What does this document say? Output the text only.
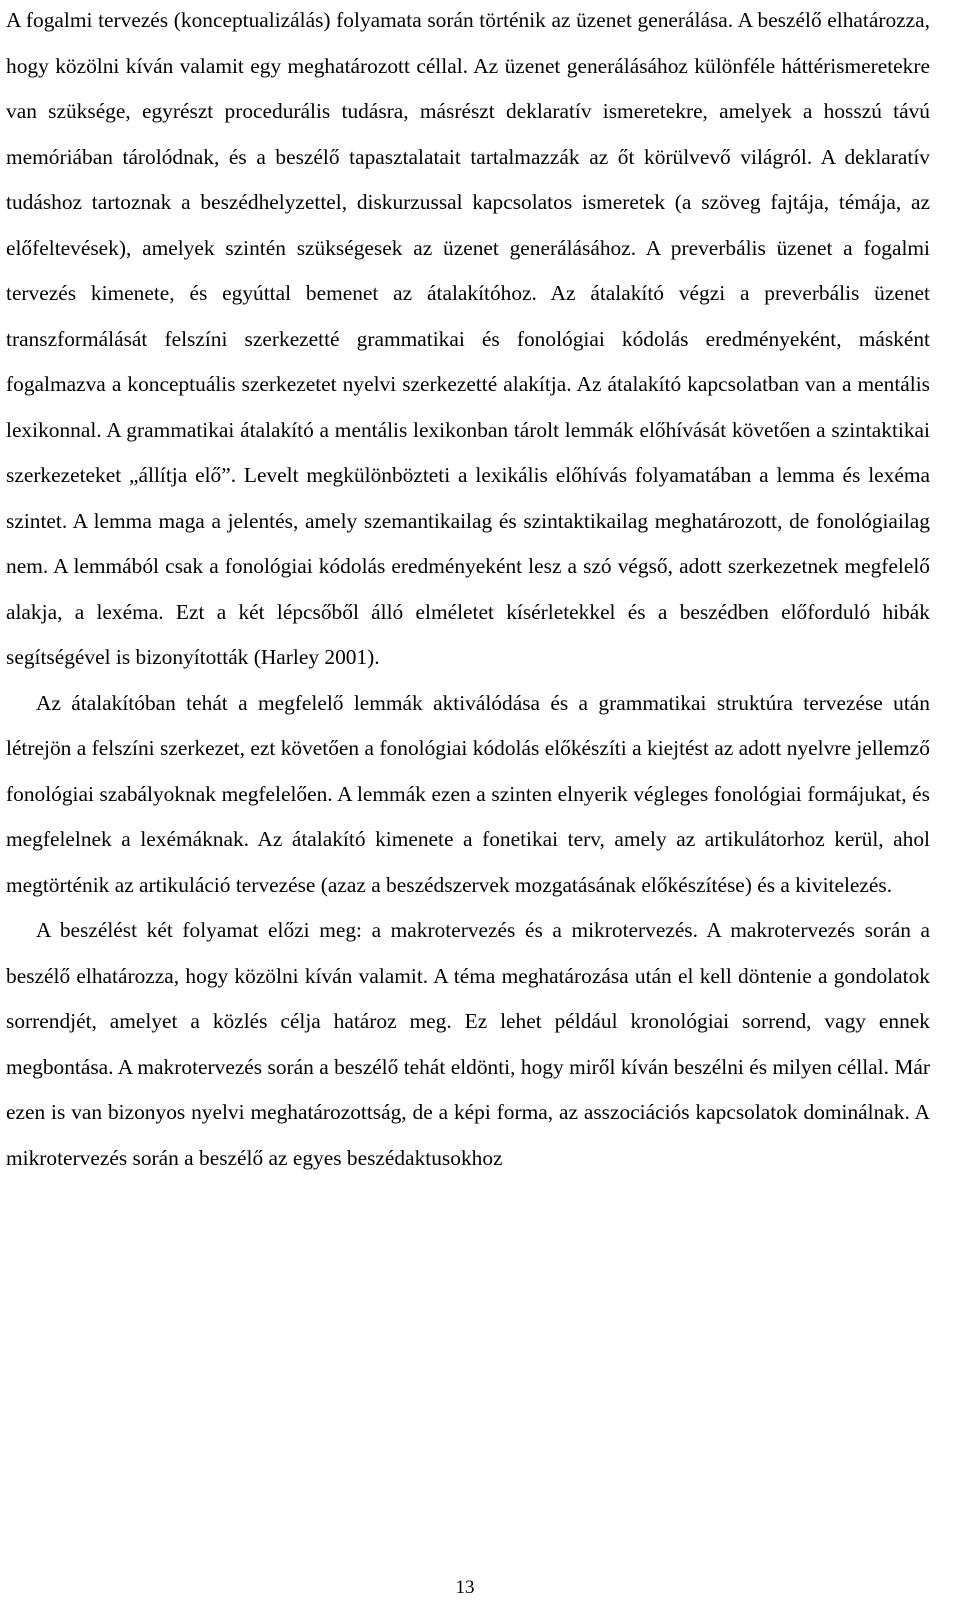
A fogalmi tervezés (konceptualizálás) folyamata során történik az üzenet generálása. A beszélő elhatározza, hogy közölni kíván valamit egy meghatározott céllal. Az üzenet generálásához különféle háttérismeretekre van szüksége, egyrészt procedurális tudásra, másrészt deklaratív ismeretekre, amelyek a hosszú távú memóriában tárolódnak, és a beszélő tapasztalatait tartalmazzák az őt körülvevő világról. A deklaratív tudáshoz tartoznak a beszédhelyzettel, diskurzussal kapcsolatos ismeretek (a szöveg fajtája, témája, az előfeltevések), amelyek szintén szükségesek az üzenet generálásához. A preverbális üzenet a fogalmi tervezés kimenete, és egyúttal bemenet az átalakítóhoz. Az átalakító végzi a preverbális üzenet transzformálását felszíni szerkezetté grammatikai és fonológiai kódolás eredményeként, másként fogalmazva a konceptuális szerkezetet nyelvi szerkezetté alakítja. Az átalakító kapcsolatban van a mentális lexikonnal. A grammatikai átalakító a mentális lexikonban tárolt lemmák előhívását követően a szintaktikai szerkezeteket „állítja elő”. Levelt megkülönbözteti a lexikális előhívás folyamatában a lemma és lexéma szintet. A lemma maga a jelentés, amely szemantikailag és szintaktikailag meghatározott, de fonológiailag nem. A lemmából csak a fonológiai kódolás eredményeként lesz a szó végső, adott szerkezetnek megfelelő alakja, a lexéma. Ezt a két lépcsőből álló elméletet kísérletekkel és a beszédben előforduló hibák segítségével is bizonyították (Harley 2001).

Az átalakítóban tehát a megfelelő lemmák aktiválódása és a grammatikai struktúra tervezése után létrejön a felszíni szerkezet, ezt követően a fonológiai kódolás előkészíti a kiejtést az adott nyelvre jellemző fonológiai szabályoknak megfelelően. A lemmák ezen a szinten elnyerik végleges fonológiai formájukat, és megfelelnek a lexémáknak. Az átalakító kimenete a fonetikai terv, amely az artikulátorhoz kerül, ahol megtörténik az artikuláció tervezése (azaz a beszédszervek mozgatásának előkészítése) és a kivitelezés.

A beszélést két folyamat előzi meg: a makrotervezés és a mikrotervezés. A makrotervezés során a beszélő elhatározza, hogy közölni kíván valamit. A téma meghatározása után el kell döntenie a gondolatok sorrendjét, amelyet a közlés célja határoz meg. Ez lehet például kronológiai sorrend, vagy ennek megbontása. A makrotervezés során a beszélő tehát eldönti, hogy miről kíván beszélni és milyen céllal. Már ezen is van bizonyos nyelvi meghatározottság, de a képi forma, az asszociációs kapcsolatok dominálnak. A mikrotervezés során a beszélő az egyes beszédaktusokhoz

13
